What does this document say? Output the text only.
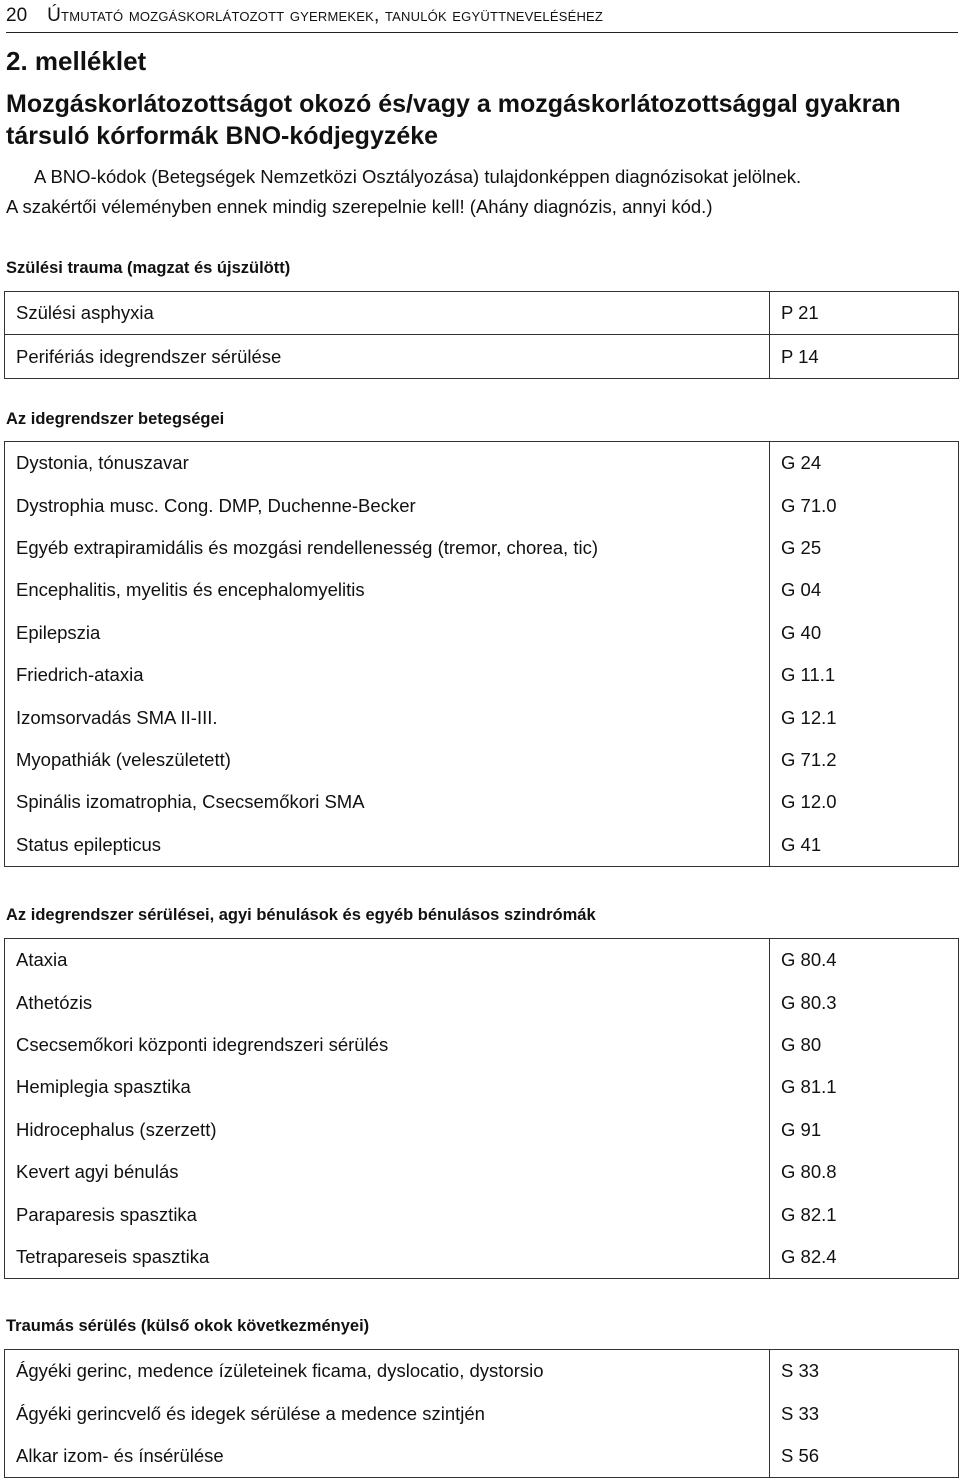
20 Útmutató mozgáskorlátozott gyermekek, tanulók együttneveléséhez
2. melléklet
Mozgáskorlátozottságot okozó és/vagy a mozgáskorlátozottsággal gyakran társuló kórformák BNO-kódjegyzéke

A BNO-kódok (Betegségek Nemzetközi Osztályozása) tulajdonképpen diagnózisokat jelölnek.

A szakértői véleményben ennek mindig szerepelnie kell! (Ahány diagnózis, annyi kód.)

Szülési trauma (magzat és újszülött)
Szülési asphyxia	P 21
Perifériás idegrendszer sérülése	P 14
Az idegrendszer betegségei
Dystonia, tónuszavar	G 24
Dystrophia musc. Cong. DMP, Duchenne-Becker	G 71.0
Egyéb extrapiramidális és mozgási rendellenesség (tremor, chorea, tic)	G 25
Encephalitis, myelitis és encephalomyelitis	G 04
Epilepszia	G 40
Friedrich-ataxia	G 11.1
Izomsorvadás SMA II-III.	G 12.1
Myopathiák (veleszületett)	G 71.2
Spinális izomatrophia, Csecsemőkori SMA	G 12.0
Status epilepticus	G 41
Az idegrendszer sérülései, agyi bénulások és egyéb bénulásos szindrómák
Ataxia	G 80.4
Athetózis	G 80.3
Csecsemőkori központi idegrendszeri sérülés	G 80
Hemiplegia spasztika	G 81.1
Hidrocephalus (szerzett)	G 91
Kevert agyi bénulás	G 80.8
Paraparesis spasztika	G 82.1
Tetrapareseis spasztika	G 82.4
Traumás sérülés (külső okok következményei)
Ágyéki gerinc, medence ízületeinek ficama, dyslocatio, dystorsio	S 33
Ágyéki gerincvelő és idegek sérülése a medence szintjén	S 33
Alkar izom- és ínsérülése	S 56
